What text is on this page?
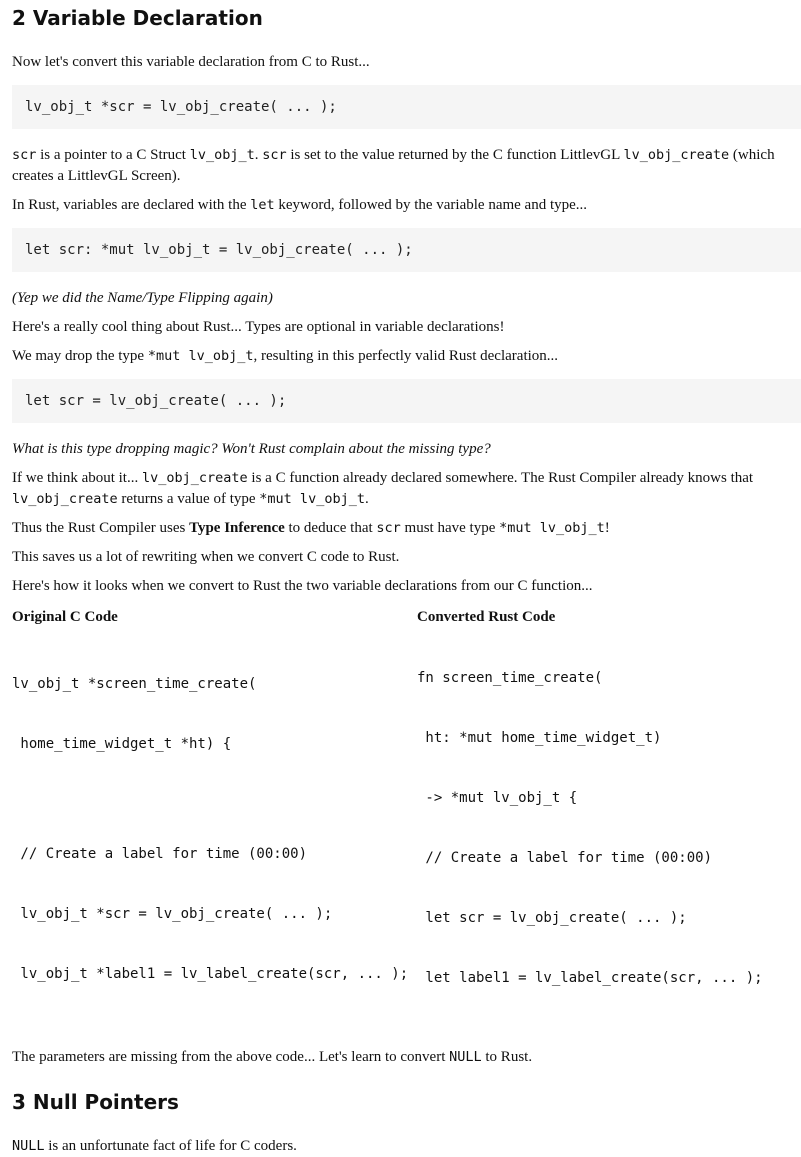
2 Variable Declaration

Now let's convert this variable declaration from C to Rust...

lv_obj_t *scr = lv_obj_create( ... );

scr is a pointer to a C Struct lv_obj_t. scr is set to the value returned by the C function LittlevGL lv_obj_create (which creates a LittlevGL Screen).

In Rust, variables are declared with the let keyword, followed by the variable name and type...

let scr: *mut lv_obj_t = lv_obj_create( ... );

(Yep we did the Name/Type Flipping again)

Here's a really cool thing about Rust... Types are optional in variable declarations!

We may drop the type *mut lv_obj_t, resulting in this perfectly valid Rust declaration...

let scr = lv_obj_create( ... );

What is this type dropping magic? Won't Rust complain about the missing type?

If we think about it... lv_obj_create is a C function already declared somewhere. The Rust Compiler already knows that lv_obj_create returns a value of type *mut lv_obj_t.

Thus the Rust Compiler uses Type Inference to deduce that scr must have type *mut lv_obj_t!

This saves us a lot of rewriting when we convert C code to Rust.

Here's how it looks when we convert to Rust the two variable declarations from our C function...

Original C Code

lv_obj_t *screen_time_create(

home_time_widget_t *ht) {

// Create a label for time (00:00)

lv_obj_t *scr = lv_obj_create( ... );

lv_obj_t *label1 = lv_label_create(scr, ... );

Converted Rust Code

fn screen_time_create(

ht: *mut home_time_widget_t)

-> *mut lv_obj_t {

// Create a label for time (00:00)

let scr = lv_obj_create( ... );

let label1 = lv_label_create(scr, ... );

The parameters are missing from the above code... Let's learn to convert NULL to Rust.

3 Null Pointers

NULL is an unfortunate fact of life for C coders.
